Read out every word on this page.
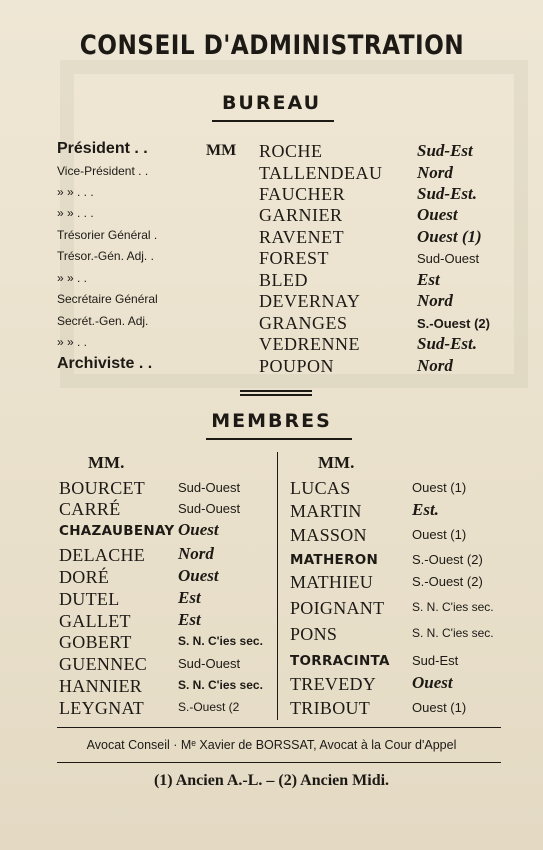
CONSEIL D'ADMINISTRATION
BUREAU
Président . .	MM ROCHE	Sud-Est
Vice-Président . .	TALLENDEAU Nord
» » . . .	FAUCHER	Sud-Est.
» » . . .	GARNIER	Ouest
Trésorier Général .	RAVENET	Ouest (1)
Trésor.-Gén. Adj. .	FOREST	Sud-Ouest
» » . .	BLED	Est
Secrétaire Général	DEVERNAY	Nord
Secrét.-Gen. Adj.	GRANGES	S.-Ouest (2)
» » . .	VEDRENNE	Sud-Est.
Archiviste . .	POUPON	Nord
MEMBRES
MM.	MM.
BOURCET	Sud-Ouest
CARRÉ	Sud-Ouest
CHAZAUBENAY Ouest
DELACHE Nord
DORÉ	Ouest
DUTEL	Est
GALLET	Est
GOBERT	S. N. C'ies sec.
GUENNEC Sud-Ouest
HANNIER	S. N. C'ies sec.
LEYGNAT	S.-Ouest (2
LUCAS	Ouest (1)
MARTIN	Est.
MASSON	Ouest (1)
MATHERON	S.-Ouest (2)
MATHIEU	S.-Ouest (2)
POIGNANT S. N. C'ies sec.
PONS	S. N. C'ies sec.
TORRACINTA Sud-Est
TREVEDY Ouest
TRIBOUT	Ouest (1)
Avocat Conseil · Mᵉ Xavier de BORSSAT, Avocat à la Cour d'Appel
(1) Ancien A.-L. – (2) Ancien Midi.
